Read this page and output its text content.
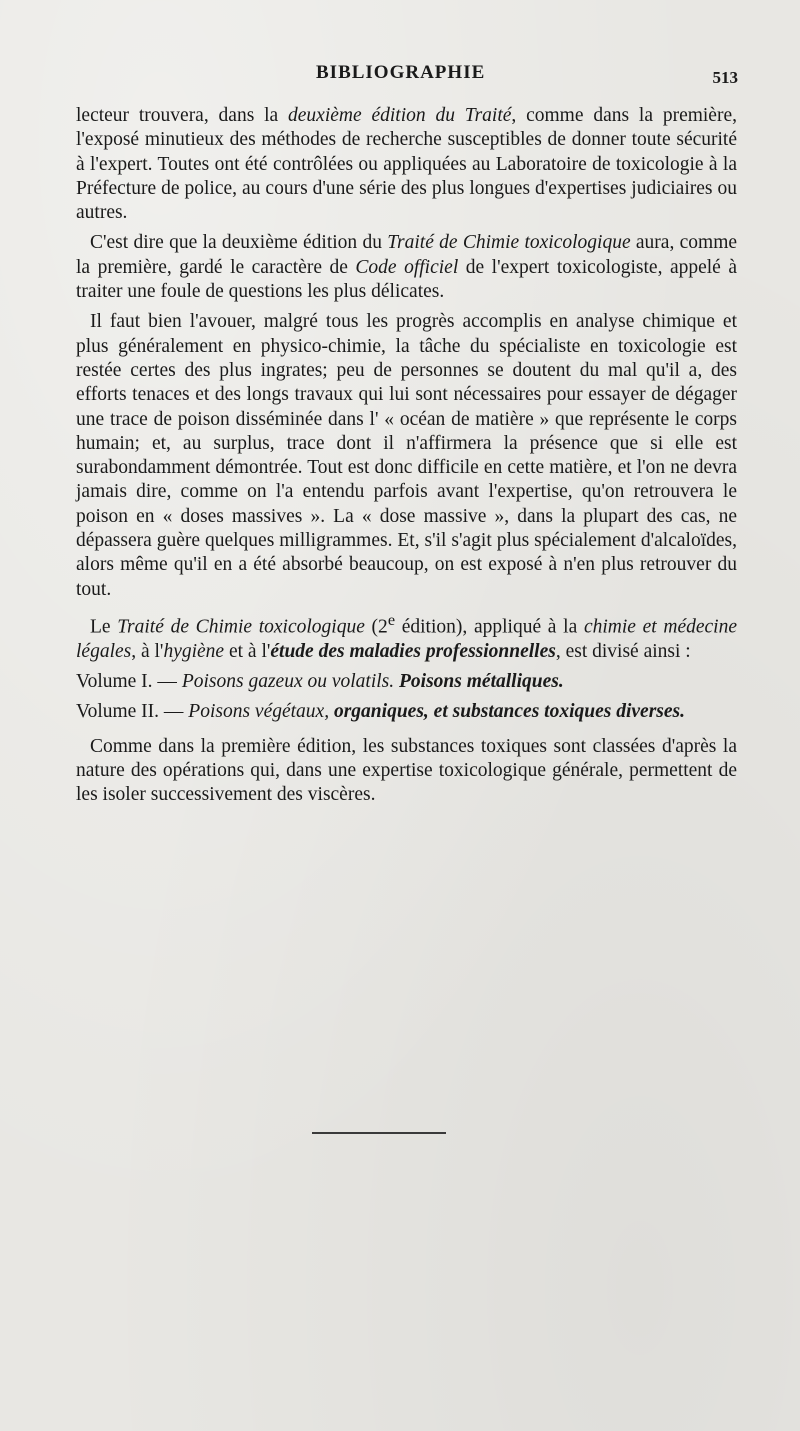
BIBLIOGRAPHIE	513

lecteur trouvera, dans la deuxième édition du Traité, comme dans la première, l'exposé minutieux des méthodes de recherche susceptibles de donner toute sécurité à l'expert. Toutes ont été contrôlées ou appliquées au Laboratoire de toxicologie à la Préfecture de police, au cours d'une série des plus longues d'expertises judiciaires ou autres.

C'est dire que la deuxième édition du Traité de Chimie toxicologique aura, comme la première, gardé le caractère de Code officiel de l'expert toxicologiste, appelé à traiter une foule de questions les plus délicates.

Il faut bien l'avouer, malgré tous les progrès accomplis en analyse chimique et plus généralement en physico-chimie, la tâche du spécialiste en toxicologie est restée certes des plus ingrates; peu de personnes se doutent du mal qu'il a, des efforts tenaces et des longs travaux qui lui sont nécessaires pour essayer de dégager une trace de poison disséminée dans l' « océan de matière » que représente le corps humain; et, au surplus, trace dont il n'affirmera la présence que si elle est surabondamment démontrée. Tout est donc difficile en cette matière, et l'on ne devra jamais dire, comme on l'a entendu parfois avant l'expertise, qu'on retrouvera le poison en « doses massives ». La « dose massive », dans la plupart des cas, ne dépassera guère quelques milligrammes. Et, s'il s'agit plus spécialement d'alcaloïdes, alors même qu'il en a été absorbé beaucoup, on est exposé à n'en plus retrouver du tout.

Le Traité de Chimie toxicologique (2e édition), appliqué à la chimie et médecine légales, à l'hygiène et à l'étude des maladies professionnelles, est divisé ainsi :

Volume I. — Poisons gazeux ou volatils. Poisons métalliques.

Volume II. — Poisons végétaux, organiques, et substances toxiques diverses.

Comme dans la première édition, les substances toxiques sont classées d'après la nature des opérations qui, dans une expertise toxicologique générale, permettent de les isoler successivement des viscères.
